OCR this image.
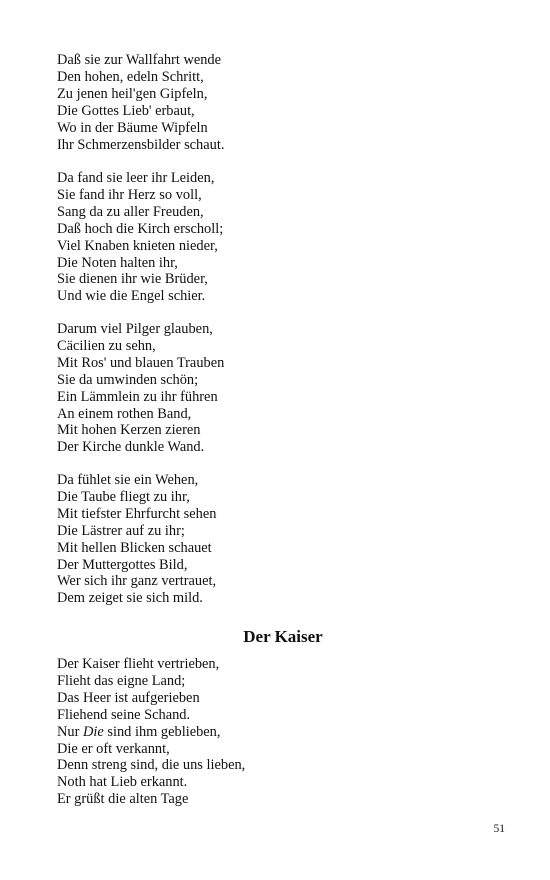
Daß sie zur Wallfahrt wende
Den hohen, edeln Schritt,
Zu jenen heil'gen Gipfeln,
Die Gottes Lieb' erbaut,
Wo in der Bäume Wipfeln
Ihr Schmerzensbilder schaut.
Da fand sie leer ihr Leiden,
Sie fand ihr Herz so voll,
Sang da zu aller Freuden,
Daß hoch die Kirch erscholl;
Viel Knaben knieten nieder,
Die Noten halten ihr,
Sie dienen ihr wie Brüder,
Und wie die Engel schier.
Darum viel Pilger glauben,
Cäcilien zu sehn,
Mit Ros' und blauen Trauben
Sie da umwinden schön;
Ein Lämmlein zu ihr führen
An einem rothen Band,
Mit hohen Kerzen zieren
Der Kirche dunkle Wand.
Da fühlet sie ein Wehen,
Die Taube fliegt zu ihr,
Mit tiefster Ehrfurcht sehen
Die Lästrer auf zu ihr;
Mit hellen Blicken schauet
Der Muttergottes Bild,
Wer sich ihr ganz vertrauet,
Dem zeiget sie sich mild.
Der Kaiser
Der Kaiser flieht vertrieben,
Flieht das eigne Land;
Das Heer ist aufgerieben
Fliehend seine Schand.
Nur Die sind ihm geblieben,
Die er oft verkannt,
Denn streng sind, die uns lieben,
Noth hat Lieb erkannt.
Er grüßt die alten Tage
51
